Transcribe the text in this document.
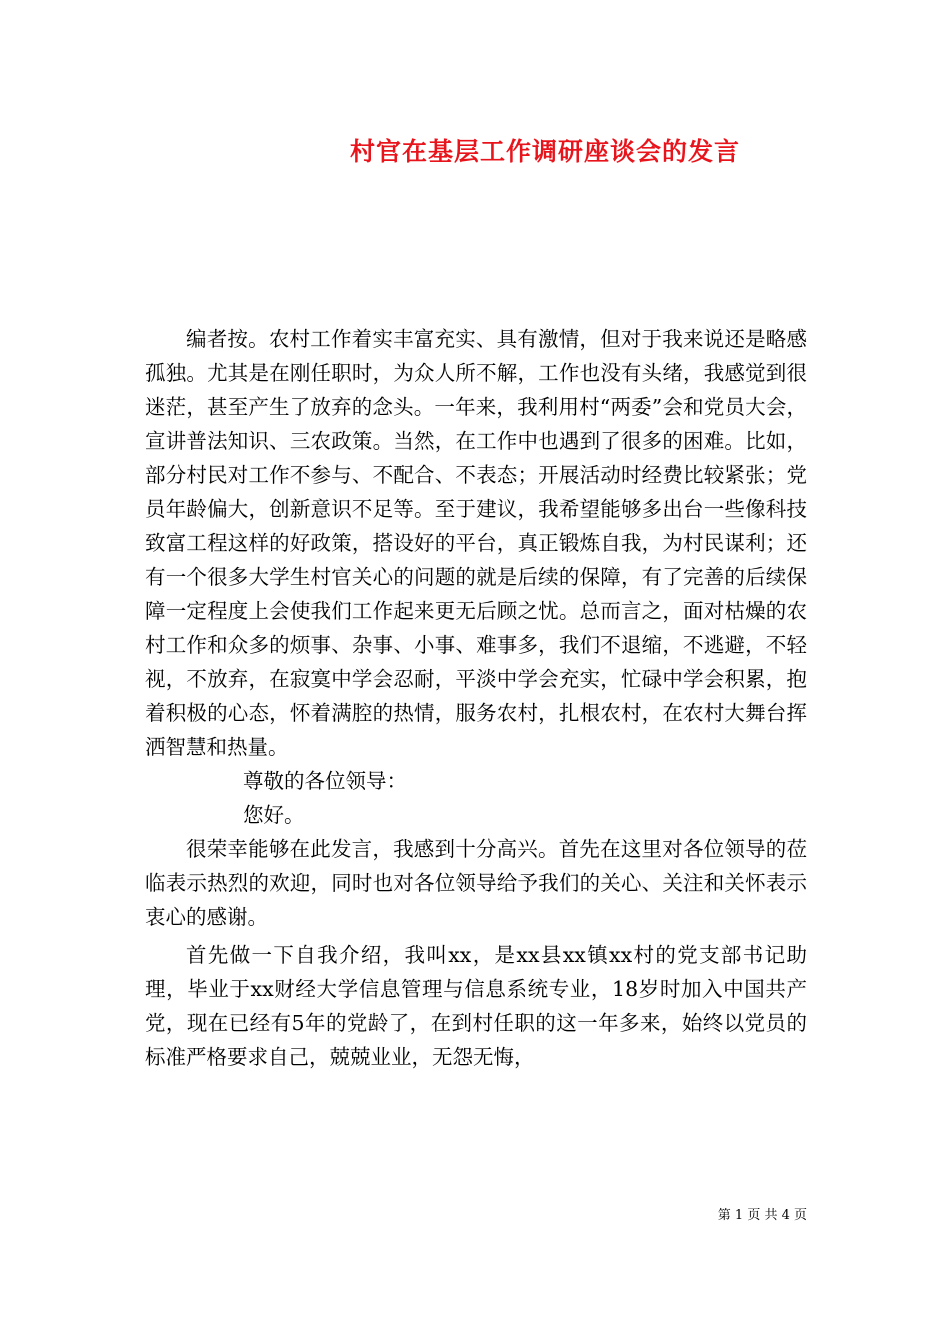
村官在基层工作调研座谈会的发言

编者按。农村工作着实丰富充实、具有激情，但对于我来说还是略感孤独。尤其是在刚任职时，为众人所不解，工作也没有头绪，我感觉到很迷茫，甚至产生了放弃的念头。一年来，我利用村“两委”会和党员大会，宣讲普法知识、三农政策。当然，在工作中也遇到了很多的困难。比如，部分村民对工作不参与、不配合、不表态；开展活动时经费比较紧张；党员年龄偏大，创新意识不足等。至于建议，我希望能够多出台一些像科技致富工程这样的好政策，搭设好的平台，真正锻炼自我，为村民谋利；还有一个很多大学生村官关心的问题的就是后续的保障，有了完善的后续保障一定程度上会使我们工作起来更无后顾之忧。总而言之，面对枯燥的农村工作和众多的烦事、杂事、小事、难事多，我们不退缩，不逃避，不轻视，不放弃，在寂寞中学会忍耐，平淡中学会充实，忙碌中学会积累，抱着积极的心态，怀着满腔的热情，服务农村，扎根农村，在农村大舞台挥洒智慧和热量。

尊敬的各位领导：

您好。

很荣幸能够在此发言，我感到十分高兴。首先在这里对各位领导的莅临表示热烈的欢迎，同时也对各位领导给予我们的关心、关注和关怀表示衷心的感谢。

首先做一下自我介绍，我叫xx，是xx县xx镇xx村的党支部书记助理，毕业于xx财经大学信息管理与信息系统专业，18岁时加入中国共产党，现在已经有5年的党龄了，在到村任职的这一年多来，始终以党员的标准严格要求自己，兢兢业业，无怨无悔，

第 1 页 共 4 页
